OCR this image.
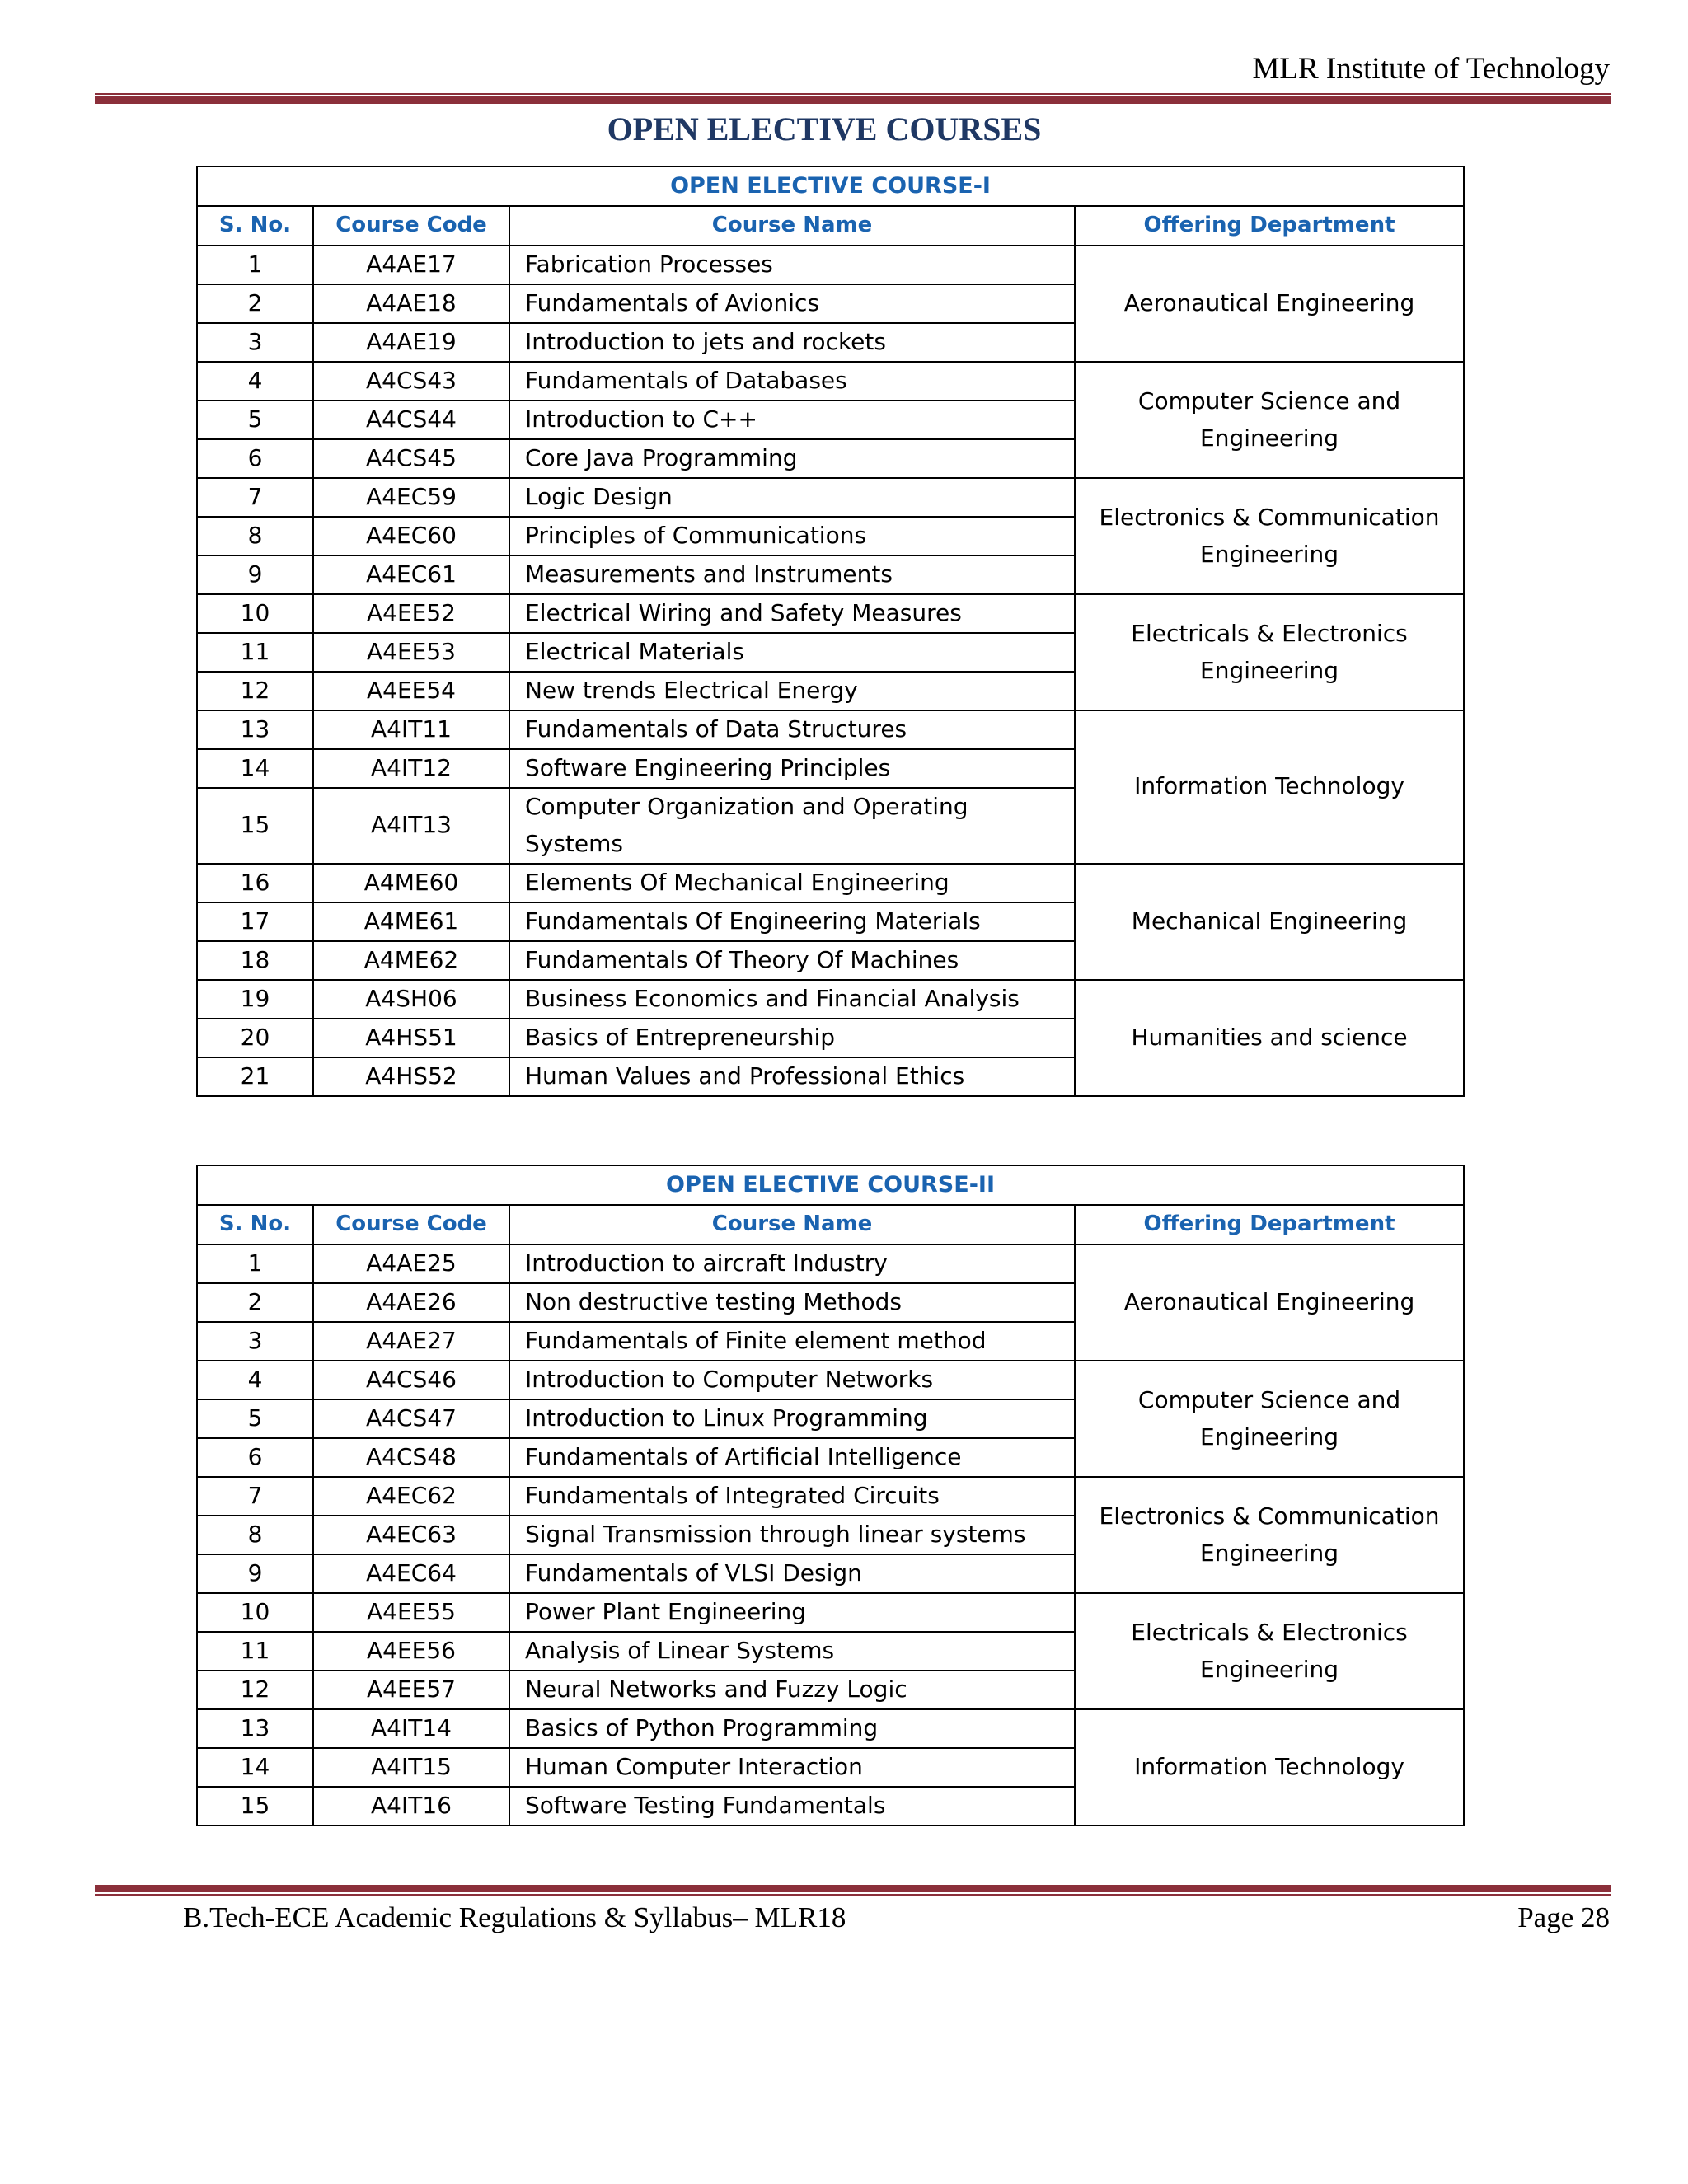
MLR Institute of Technology
OPEN ELECTIVE COURSES
OPEN ELECTIVE COURSE-I			
S. No.	Course Code	Course Name	Offering Department
1	A4AE17	Fabrication Processes	Aeronautical Engineering
2	A4AE18	Fundamentals of Avionics	
3	A4AE19	Introduction to jets and rockets	
4	A4CS43	Fundamentals of Databases	Computer Science and Engineering
5	A4CS44	Introduction to C++	
6	A4CS45	Core Java Programming	
7	A4EC59	Logic Design	Electronics & Communication Engineering
8	A4EC60	Principles of Communications	
9	A4EC61	Measurements and Instruments	
10	A4EE52	Electrical Wiring and Safety Measures	Electricals & Electronics Engineering
11	A4EE53	Electrical Materials	
12	A4EE54	New trends Electrical Energy	
13	A4IT11	Fundamentals of Data Structures	Information Technology
14	A4IT12	Software Engineering Principles	
15	A4IT13	Computer Organization and Operating Systems	
16	A4ME60	Elements Of Mechanical Engineering	Mechanical Engineering
17	A4ME61	Fundamentals Of Engineering Materials	
18	A4ME62	Fundamentals Of Theory Of Machines	
19	A4SH06	Business Economics and Financial Analysis	Humanities and science
20	A4HS51	Basics of Entrepreneurship	
21	A4HS52	Human Values and Professional Ethics	
OPEN ELECTIVE COURSE-II			
S. No.	Course Code	Course Name	Offering Department
1	A4AE25	Introduction to aircraft Industry	Aeronautical Engineering
2	A4AE26	Non destructive testing Methods	
3	A4AE27	Fundamentals of Finite element method	
4	A4CS46	Introduction to Computer Networks	Computer Science and Engineering
5	A4CS47	Introduction to Linux Programming	
6	A4CS48	Fundamentals of Artificial Intelligence	
7	A4EC62	Fundamentals of Integrated Circuits	Electronics & Communication Engineering
8	A4EC63	Signal Transmission through linear systems	
9	A4EC64	Fundamentals of VLSI Design	
10	A4EE55	Power Plant Engineering	Electricals & Electronics Engineering
11	A4EE56	Analysis of Linear Systems	
12	A4EE57	Neural Networks and Fuzzy Logic	
13	A4IT14	Basics of Python Programming	Information Technology
14	A4IT15	Human Computer Interaction	
15	A4IT16	Software Testing Fundamentals	
B.Tech-ECE Academic Regulations & Syllabus– MLR18	Page 28
